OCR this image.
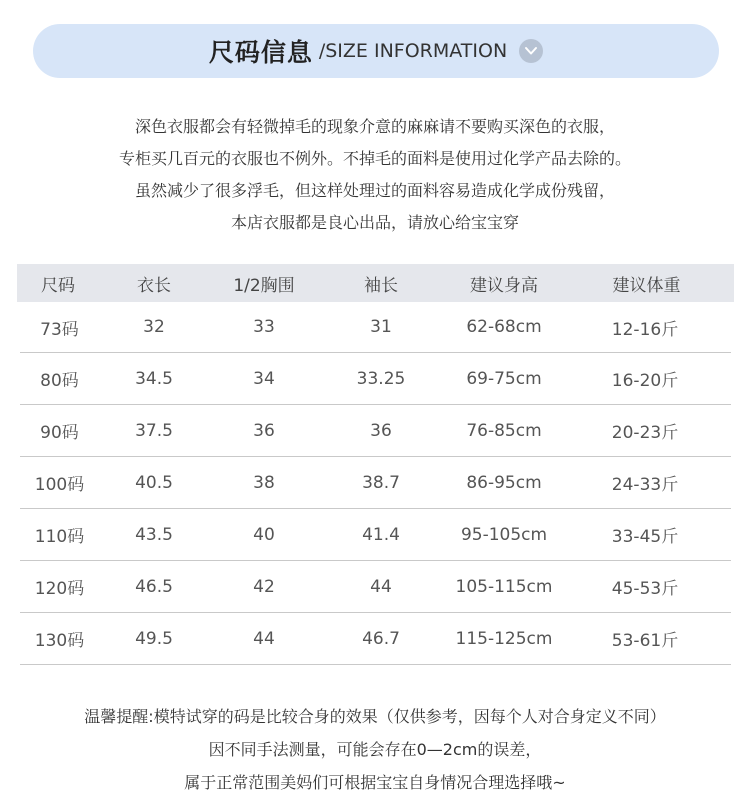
尺码信息 /SIZE INFORMATION
深色衣服都会有轻微掉毛的现象介意的麻麻请不要购买深色的衣服，
专柜买几百元的衣服也不例外。不掉毛的面料是使用过化学产品去除的。
虽然减少了很多浮毛，但这样处理过的面料容易造成化学成份残留，
本店衣服都是良心出品，请放心给宝宝穿
尺码	衣长	1/2胸围	袖长	建议身高	建议体重
73码	32	33	31	62-68cm	12-16斤
80码	34.5	34	33.25	69-75cm	16-20斤
90码	37.5	36	36	76-85cm	20-23斤
100码	40.5	38	38.7	86-95cm	24-33斤
110码	43.5	40	41.4	95-105cm	33-45斤
120码	46.5	42	44	105-115cm	45-53斤
130码	49.5	44	46.7	115-125cm	53-61斤
温馨提醒:模特试穿的码是比较合身的效果（仅供参考，因每个人对合身定义不同）
因不同手法测量，可能会存在0—2cm的误差，
属于正常范围美妈们可根据宝宝自身情况合理选择哦~
